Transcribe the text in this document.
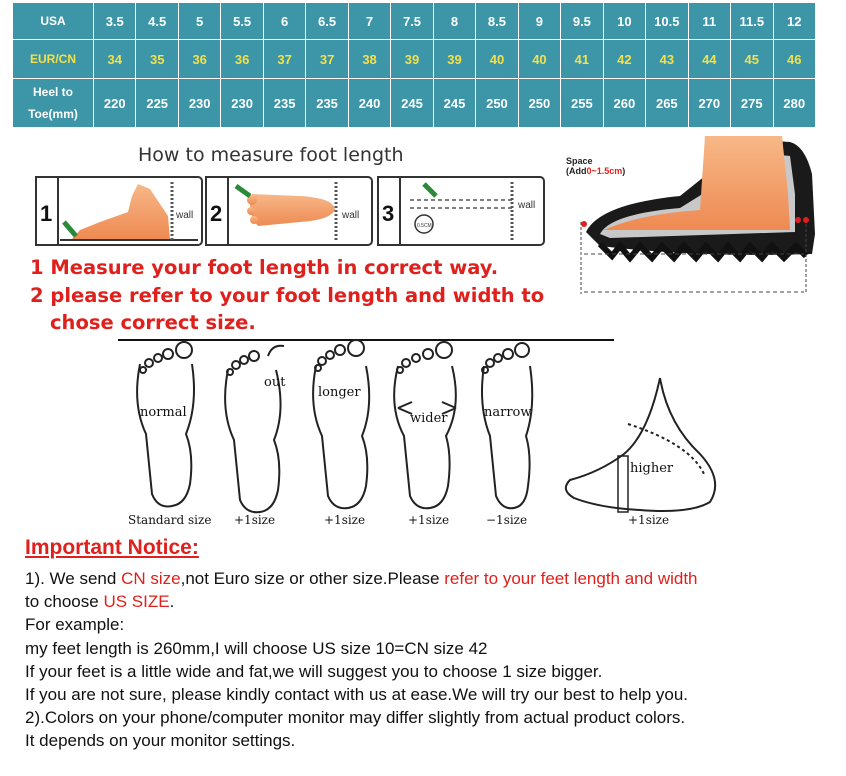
USA	3.5	4.5	5	5.5	6	6.5	7	7.5	8	8.5	9	9.5	10	10.5	11	11.5	12
EUR/CN	34	35	36	36	37	37	38	39	39	40	40	41	42	43	44	45	46

Heel to
Toe(mm)	220	225	230	230	235	235	240	245	245	250	250	255	260	265	270	275	280
How to measure foot length
1	wall 2	wall 3	0.5CM
wall
Space
(Add0~1.5cm)
normal
out
longer
wider	narrow
higher
Standard size +1size	+1size	+1size	−1size	+1size
1 Measure your foot length in correct way.
2 please refer to your foot length and width to
chose correct size.
Important Notice:
1). We send CN size,not Euro size or other size.Please refer to your feet length and width
to choose US SIZE.
For example:
my feet length is 260mm,I will choose US size 10=CN size 42
If your feet is a little wide and fat,we will suggest you to choose 1 size bigger.
If you are not sure, please kindly contact with us at ease.We will try our best to help you.
2).Colors on your phone/computer monitor may differ slightly from actual product colors.
It depends on your monitor settings.
